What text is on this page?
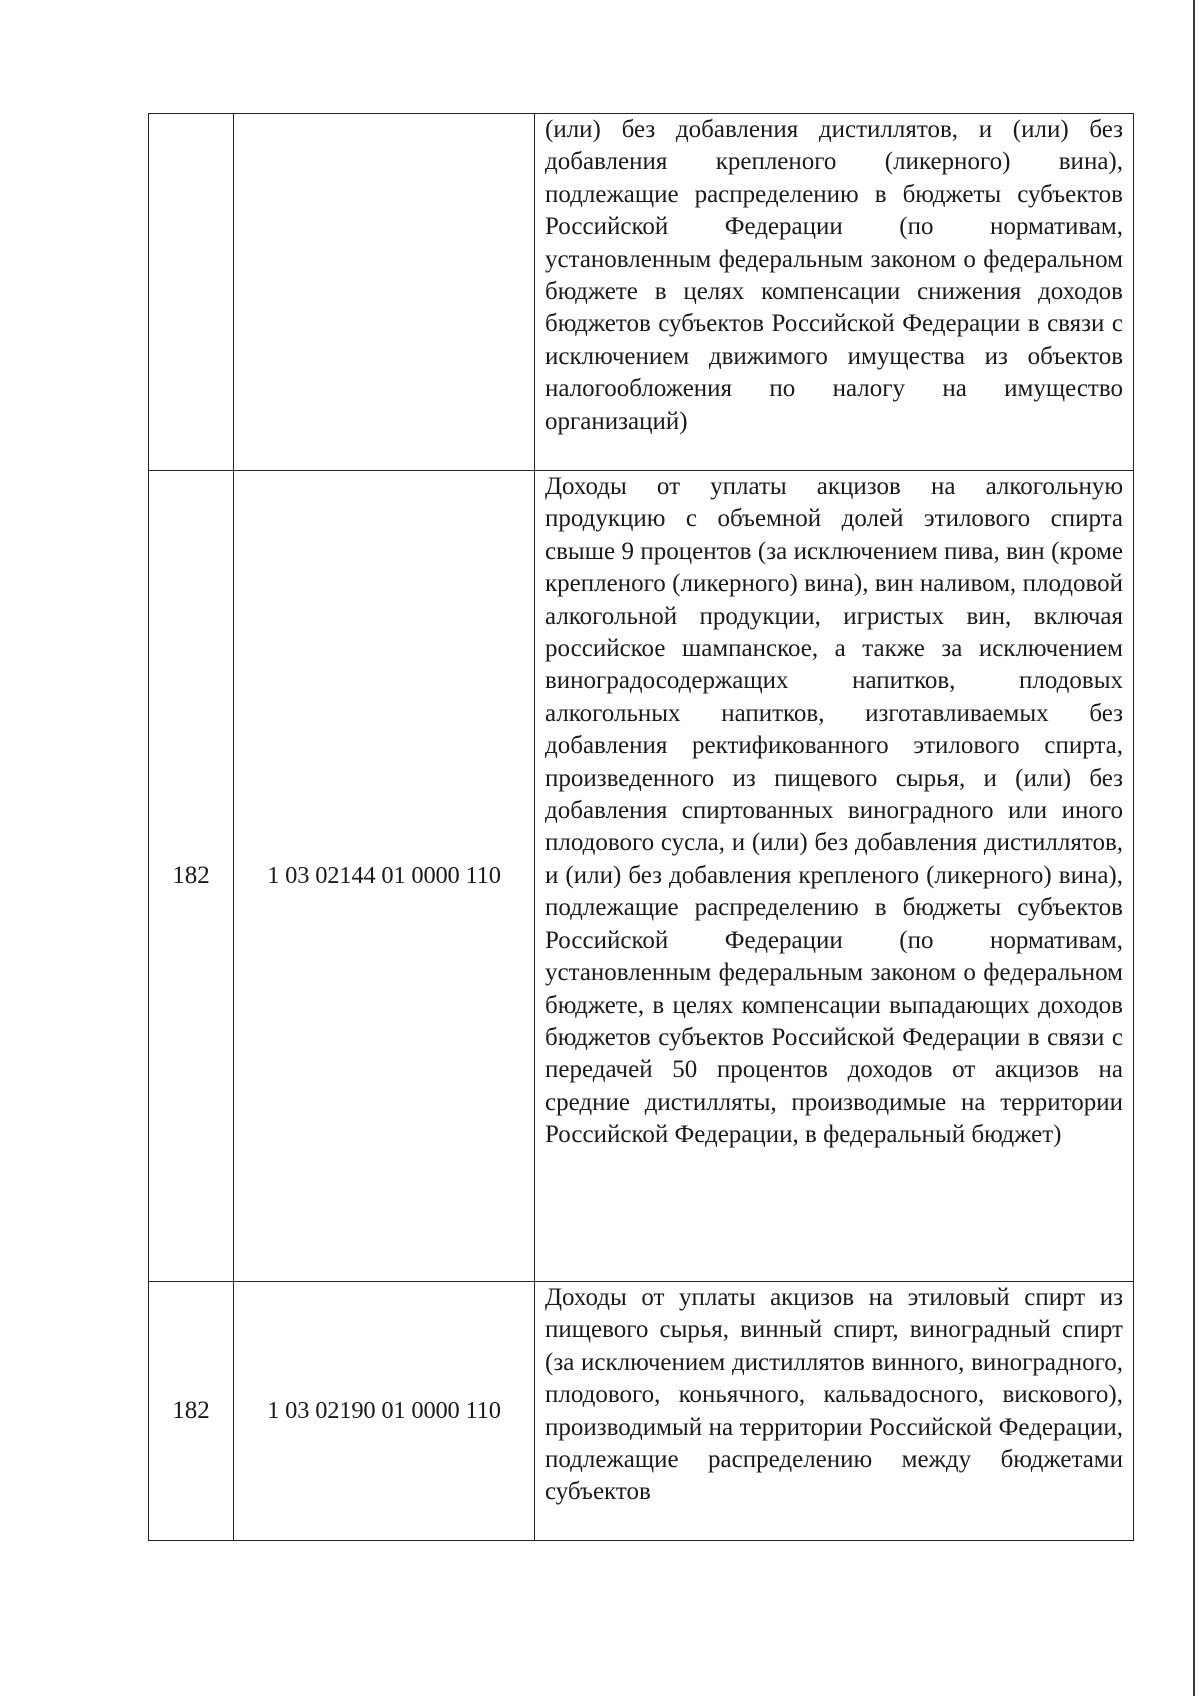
		(или) без добавления дистиллятов, и (или) без добавления крепленого (ликерного) вина), подлежащие распределению в бюджеты субъектов Российской Федерации (по нормативам, установленным федеральным законом о федеральном бюджете в целях компенсации снижения доходов бюджетов субъектов Российской Федерации в связи с исключением движимого имущества из объектов налогообложения по налогу на имущество организаций)

182	1 03 02144 01 0000 110	Доходы от уплаты акцизов на алкогольную продукцию с объемной долей этилового спирта свыше 9 процентов (за исключением пива, вин (кроме крепленого (ликерного) вина), вин наливом, плодовой алкогольной продукции, игристых вин, включая российское шампанское, а также за исключением виноградосодержащих напитков, плодовых алкогольных напитков, изготавливаемых без добавления ректификованного этилового спирта, произведенного из пищевого сырья, и (или) без добавления спиртованных виноградного или иного плодового сусла, и (или) без добавления дистиллятов, и (или) без добавления крепленого (ликерного) вина), подлежащие распределению в бюджеты субъектов Российской Федерации (по нормативам, установленным федеральным законом о федеральном бюджете, в целях компенсации выпадающих доходов бюджетов субъектов Российской Федерации в связи с передачей 50 процентов доходов от акцизов на средние дистилляты, производимые на территории Российской Федерации, в федеральный бюджет)

182	1 03 02190 01 0000 110	Доходы от уплаты акцизов на этиловый спирт из пищевого сырья, винный спирт, виноградный спирт (за исключением дистиллятов винного, виноградного, плодового, коньячного, кальвадосного, вискового), производимый на территории Российской Федерации, подлежащие распределению между бюджетами субъектов
